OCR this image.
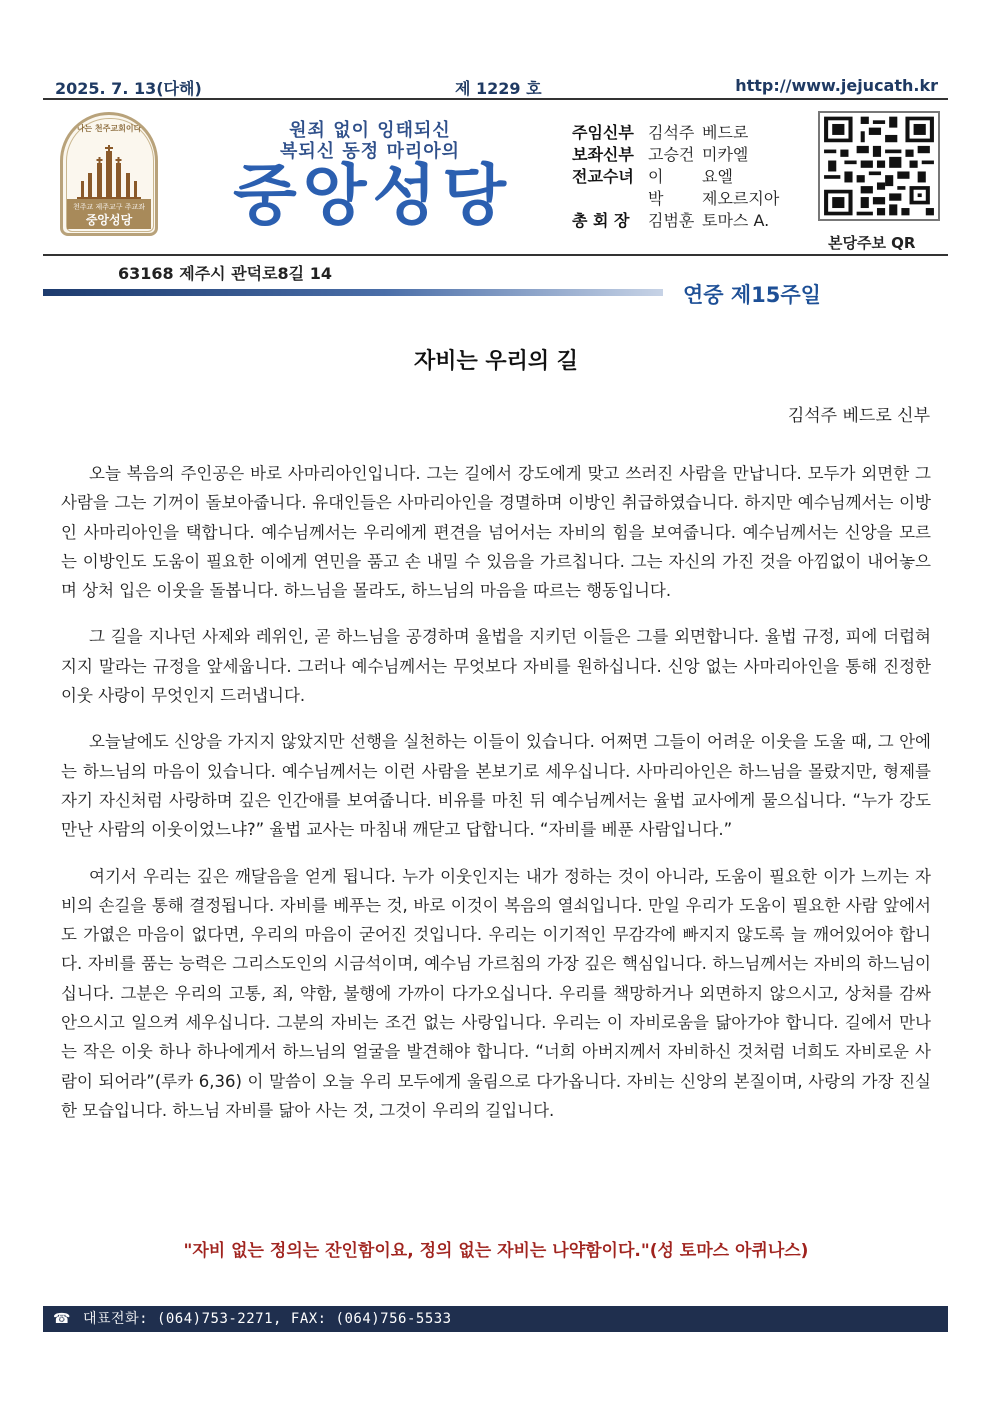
2025. 7. 13(다해)	제 1229 호	http://www.jejucath.kr
나는 천주교회이다
천주교 제주교구 주교좌
중앙성당
원죄 없이 잉태되신
복되신 동정 마리아의
중앙성당
주임신부 김석주 베드로
보좌신부 고승건 미카엘
전교수녀 이 요엘
박 제오르지아
총 회 장 김범훈 토마스 A.
본당주보 QR
63168 제주시 관덕로8길 14
연중 제15주일
자비는 우리의 길
김석주 베드로 신부

오늘 복음의 주인공은 바로 사마리아인입니다. 그는 길에서 강도에게 맞고 쓰러진 사람을 만납니다. 모두가 외면한 그 사람을 그는 기꺼이 돌보아줍니다. 유대인들은 사마리아인을 경멸하며 이방인 취급하였습니다. 하지만 예수님께서는 이방인 사마리아인을 택합니다. 예수님께서는 우리에게 편견을 넘어서는 자비의 힘을 보여줍니다. 예수님께서는 신앙을 모르는 이방인도 도움이 필요한 이에게 연민을 품고 손 내밀 수 있음을 가르칩니다. 그는 자신의 가진 것을 아낌없이 내어놓으며 상처 입은 이웃을 돌봅니다. 하느님을 몰라도, 하느님의 마음을 따르는 행동입니다.

그 길을 지나던 사제와 레위인, 곧 하느님을 공경하며 율법을 지키던 이들은 그를 외면합니다. 율법 규정, 피에 더럽혀지지 말라는 규정을 앞세웁니다. 그러나 예수님께서는 무엇보다 자비를 원하십니다. 신앙 없는 사마리아인을 통해 진정한 이웃 사랑이 무엇인지 드러냅니다.

오늘날에도 신앙을 가지지 않았지만 선행을 실천하는 이들이 있습니다. 어쩌면 그들이 어려운 이웃을 도울 때, 그 안에는 하느님의 마음이 있습니다. 예수님께서는 이런 사람을 본보기로 세우십니다. 사마리아인은 하느님을 몰랐지만, 형제를 자기 자신처럼 사랑하며 깊은 인간애를 보여줍니다. 비유를 마친 뒤 예수님께서는 율법 교사에게 물으십니다. “누가 강도 만난 사람의 이웃이었느냐?” 율법 교사는 마침내 깨닫고 답합니다. “자비를 베푼 사람입니다.”

여기서 우리는 깊은 깨달음을 얻게 됩니다. 누가 이웃인지는 내가 정하는 것이 아니라, 도움이 필요한 이가 느끼는 자비의 손길을 통해 결정됩니다. 자비를 베푸는 것, 바로 이것이 복음의 열쇠입니다. 만일 우리가 도움이 필요한 사람 앞에서도 가엾은 마음이 없다면, 우리의 마음이 굳어진 것입니다. 우리는 이기적인 무감각에 빠지지 않도록 늘 깨어있어야 합니다. 자비를 품는 능력은 그리스도인의 시금석이며, 예수님 가르침의 가장 깊은 핵심입니다. 하느님께서는 자비의 하느님이십니다. 그분은 우리의 고통, 죄, 약함, 불행에 가까이 다가오십니다. 우리를 책망하거나 외면하지 않으시고, 상처를 감싸 안으시고 일으켜 세우십니다. 그분의 자비는 조건 없는 사랑입니다. 우리는 이 자비로움을 닮아가야 합니다. 길에서 만나는 작은 이웃 하나 하나에게서 하느님의 얼굴을 발견해야 합니다. “너희 아버지께서 자비하신 것처럼 너희도 자비로운 사람이 되어라”(루카 6,36) 이 말씀이 오늘 우리 모두에게 울림으로 다가옵니다. 자비는 신앙의 본질이며, 사랑의 가장 진실한 모습입니다. 하느님 자비를 닮아 사는 것, 그것이 우리의 길입니다.

"자비 없는 정의는 잔인함이요, 정의 없는 자비는 나약함이다."(성 토마스 아퀴나스)
☎ 대표전화: (064)753-2271, FAX: (064)756-5533
